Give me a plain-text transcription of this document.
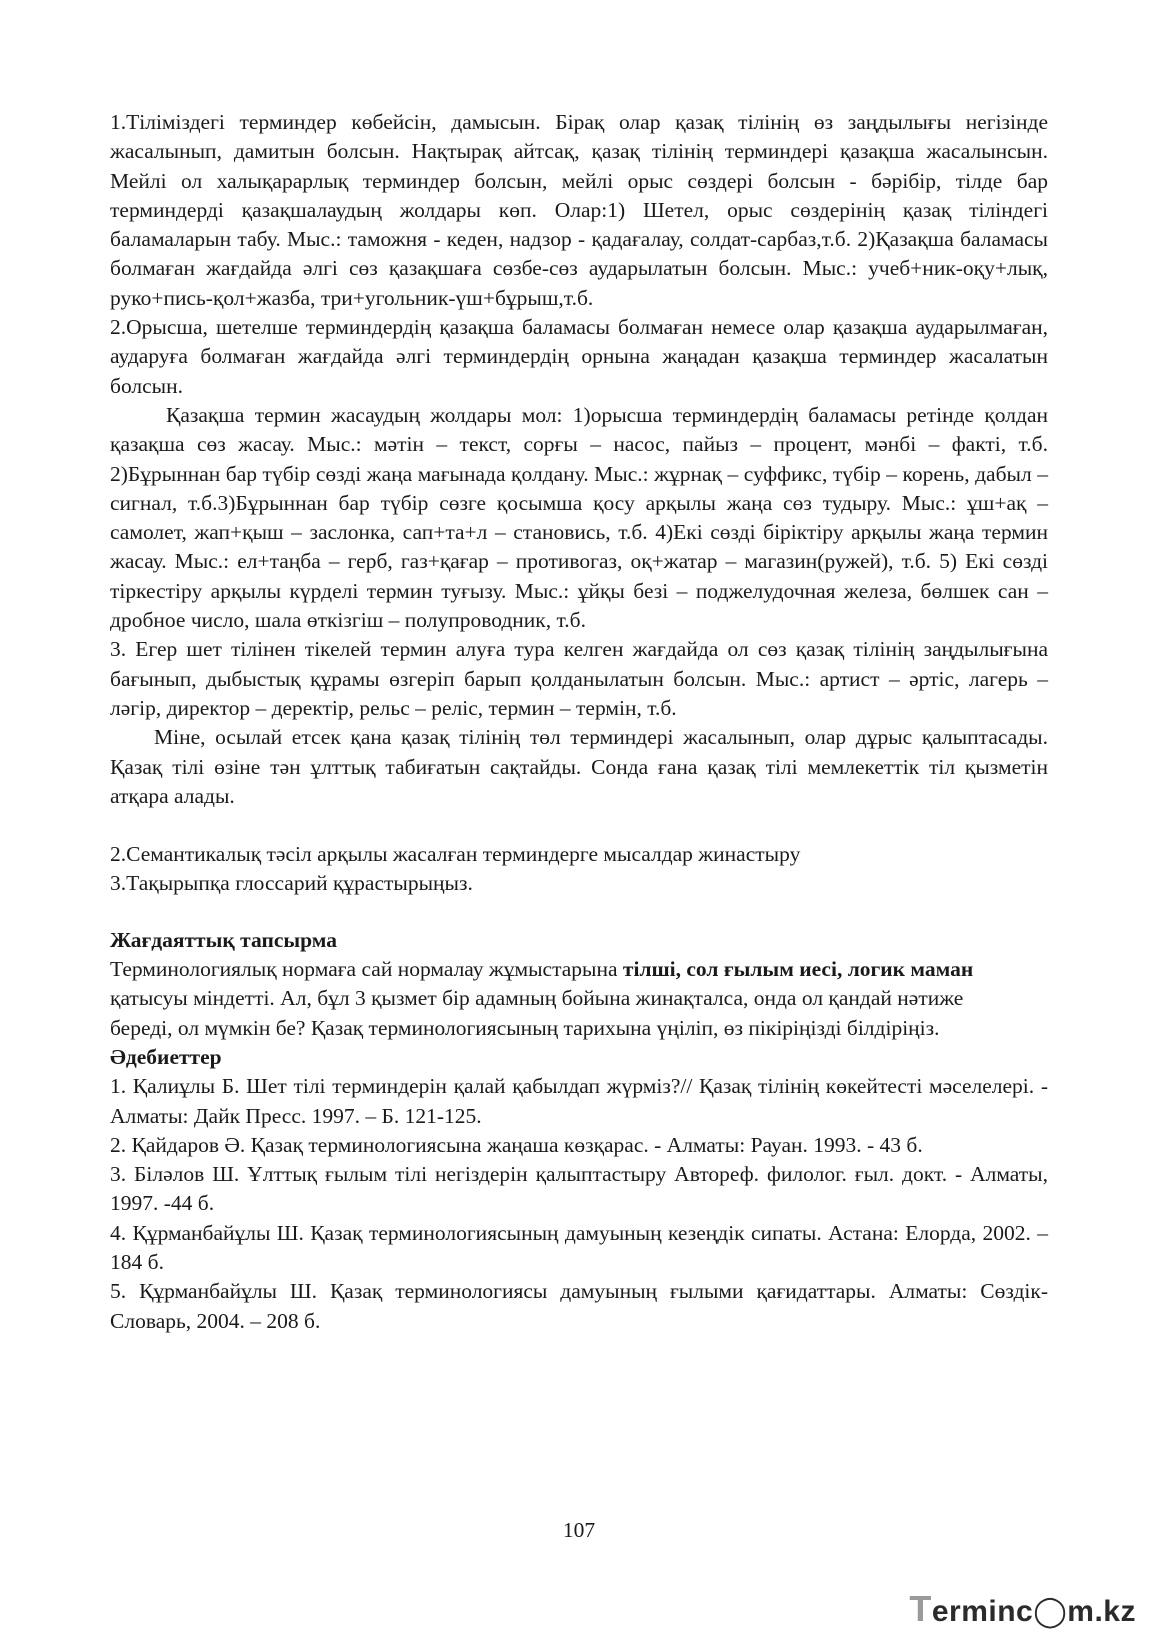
1.Тіліміздегі терминдер көбейсін, дамысын. Бірақ олар қазақ тілінің өз заңдылығы негізінде жасалынып, дамитын болсын. Нақтырақ айтсақ, қазақ тілінің терминдері қазақша жасалынсын. Мейлі ол халықарарлық терминдер болсын, мейлі орыс сөздері болсын - бәрібір, тілде бар терминдерді қазақшалаудың жолдары көп. Олар:1) Шетел, орыс сөздерінің қазақ тіліндегі баламаларын табу. Мыс.: таможня - кеден, надзор - қадағалау, солдат-сарбаз,т.б. 2)Қазақша баламасы болмаған жағдайда әлгі сөз қазақшаға сөзбе-сөз аударылатын болсын. Мыс.: учеб+ник-оқу+лық, руко+пись-қол+жазба, три+угольник-үш+бұрыш,т.б.

2.Орысша, шетелше терминдердің қазақша баламасы болмаған немесе олар қазақша аударылмаған, аударуға болмаған жағдайда әлгі терминдердің орнына жаңадан қазақша терминдер жасалатын болсын.

Қазақша термин жасаудың жолдары мол: 1)орысша терминдердің баламасы ретінде қолдан қазақша сөз жасау. Мыс.: мәтін – текст, сорғы – насос, пайыз – процент, мәнбі – факті, т.б. 2)Бұрыннан бар түбір сөзді жаңа мағынада қолдану. Мыс.: жұрнақ – суффикс, түбір – корень, дабыл – сигнал, т.б.3)Бұрыннан бар түбір сөзге қосымша қосу арқылы жаңа сөз тудыру. Мыс.: ұш+ақ – самолет, жап+қыш – заслонка, сап+та+л – становись, т.б. 4)Екі сөзді біріктіру арқылы жаңа термин жасау. Мыс.: ел+таңба – герб, газ+қағар – противогаз, оқ+жатар – магазин(ружей), т.б. 5) Екі сөзді тіркестіру арқылы күрделі термин туғызу. Мыс.: ұйқы безі – поджелудочная железа, бөлшек сан – дробное число, шала өткізгіш – полупроводник, т.б.

3. Егер шет тілінен тікелей термин алуға тура келген жағдайда ол сөз қазақ тілінің заңдылығына бағынып, дыбыстық құрамы өзгеріп барып қолданылатын болсын. Мыс.: артист – әртіс, лагерь – ләгір, директор – деректір, рельс – реліс, термин – термін, т.б.

Міне, осылай етсек қана қазақ тілінің төл терминдері жасалынып, олар дұрыс қалыптасады. Қазақ тілі өзіне тән ұлттық табиғатын сақтайды. Сонда ғана қазақ тілі мемлекеттік тіл қызметін атқара алады.

2.Семантикалық тәсіл арқылы жасалған терминдерге мысалдар жинастыру

3.Тақырыпқа глоссарий құрастырыңыз.

Жағдаяттық тапсырма

Терминологиялық нормаға сай нормалау жұмыстарына тілші, сол ғылым иесі, логик маман қатысуы міндетті. Ал, бұл 3 қызмет бір адамның бойына жинақталса, онда ол қандай нәтиже береді, ол мүмкін бе? Қазақ терминологиясының тарихына үңіліп, өз пікіріңізді білдіріңіз.

Әдебиеттер

1. Қалиұлы Б. Шет тілі терминдерін қалай қабылдап жүрміз?// Қазақ тілінің көкейтесті мәселелері. - Алматы: Дайк Пресс. 1997. – Б. 121-125.

2. Қайдаров Ә. Қазақ терминологиясына жаңаша көзқарас. - Алматы: Рауан. 1993. - 43 б.

3. Біләлов Ш. Ұлттық ғылым тілі негіздерін қалыптастыру Автореф. филолог. ғыл. докт. - Алматы, 1997. -44 б.

4. Құрманбайұлы Ш. Қазақ терминологиясының дамуының кезеңдік сипаты. Астана: Елорда, 2002. – 184 б.

5. Құрманбайұлы Ш. Қазақ терминологиясы дамуының ғылыми қағидаттары. Алматы: Сөздік-Словарь, 2004. – 208 б.

107
Terminc◯m.kz
